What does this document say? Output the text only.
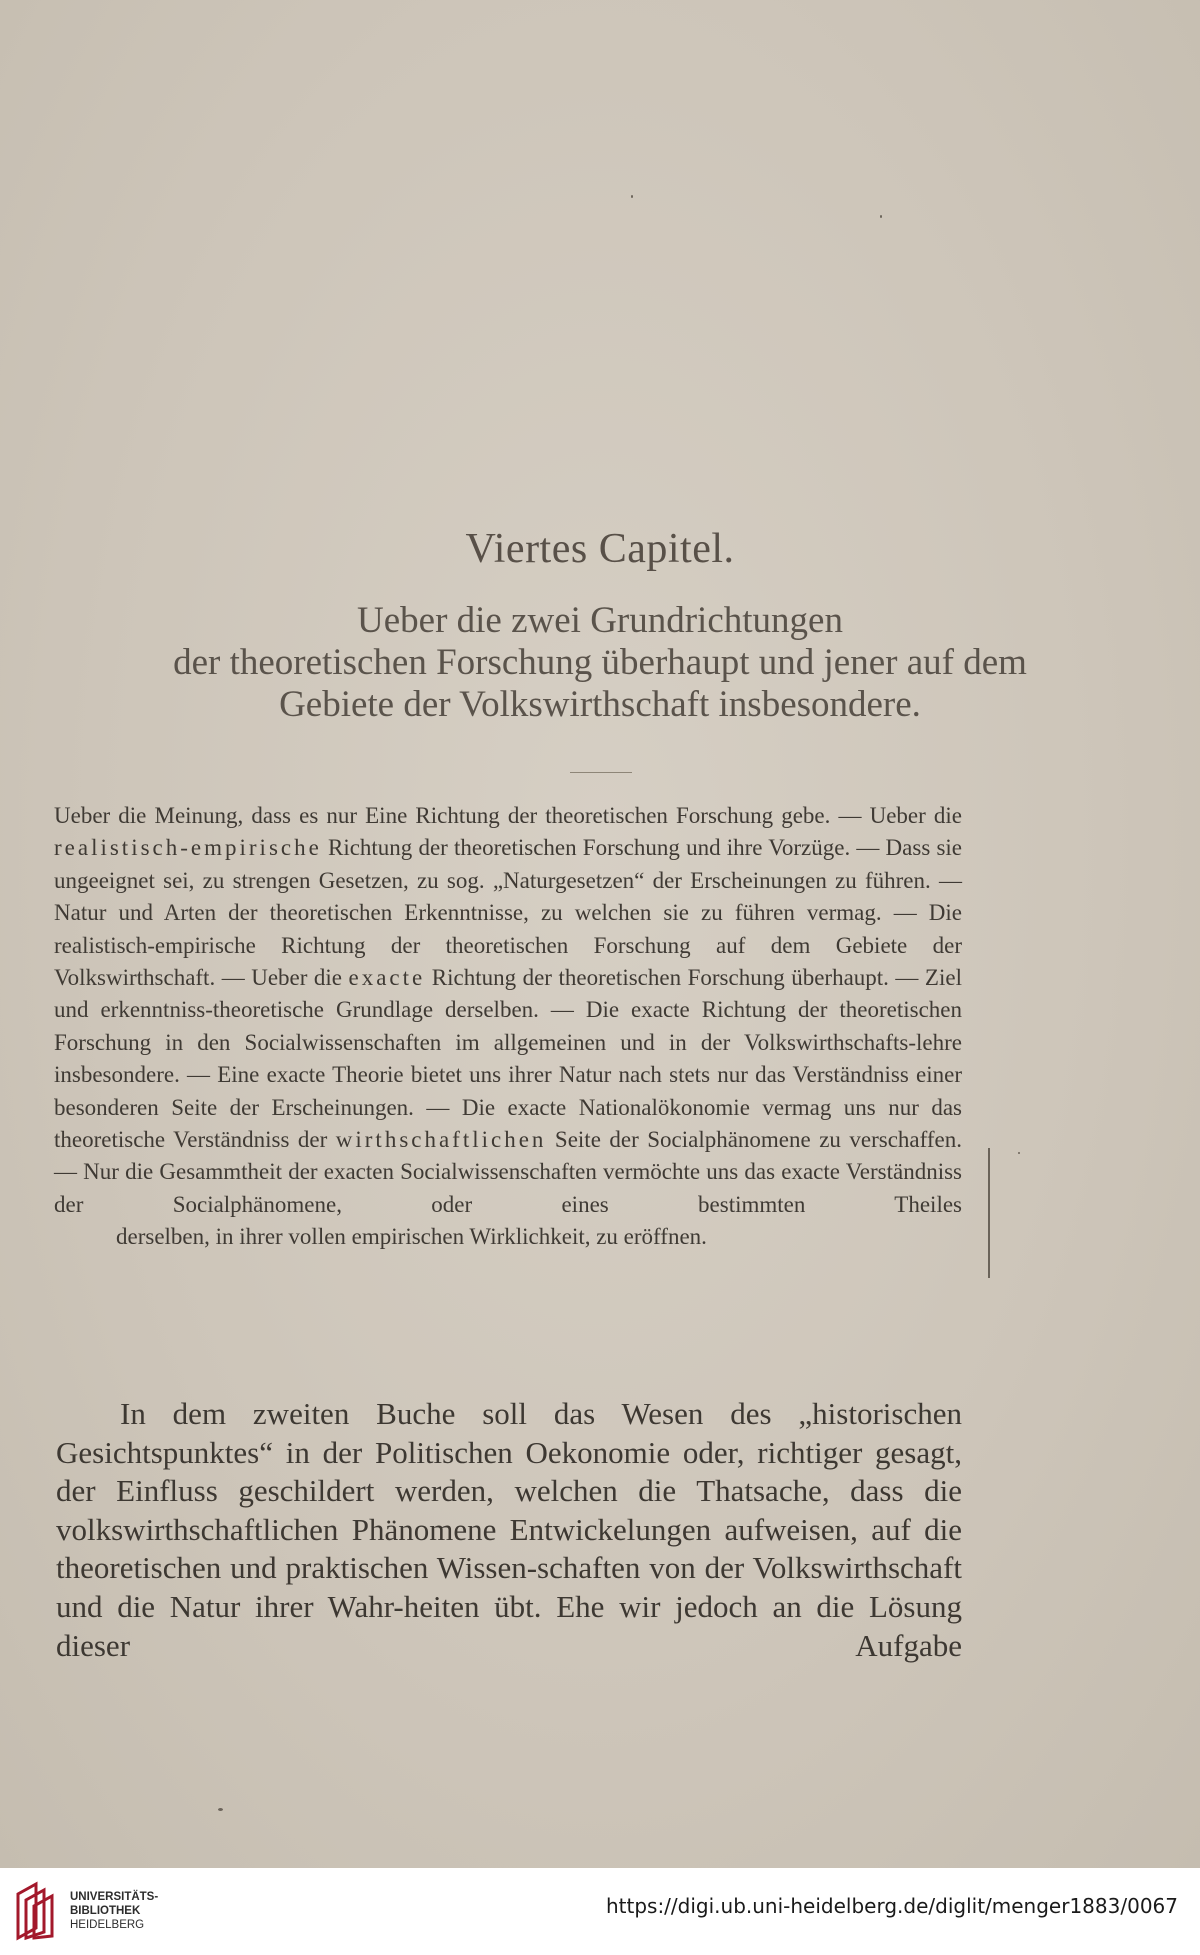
Viertes Capitel.
Ueber die zwei Grundrichtungen
der theoretischen Forschung überhaupt und jener auf dem
Gebiete der Volkswirthschaft insbesondere.
Ueber die Meinung, dass es nur Eine Richtung der theoretischen Forschung gebe. — Ueber die realistisch-empirische Richtung der theoretischen Forschung und ihre Vorzüge. — Dass sie ungeeignet sei, zu strengen Gesetzen, zu sog. „Naturgesetzen“ der Erscheinungen zu führen. — Natur und Arten der theoretischen Erkenntnisse, zu welchen sie zu führen vermag. — Die realistisch-empirische Richtung der theoretischen Forschung auf dem Gebiete der Volkswirthschaft. — Ueber die exacte Richtung der theoretischen Forschung überhaupt. — Ziel und erkenntniss-theoretische Grundlage derselben. — Die exacte Richtung der theoretischen Forschung in den Socialwissenschaften im allgemeinen und in der Volkswirthschafts-lehre insbesondere. — Eine exacte Theorie bietet uns ihrer Natur nach stets nur das Verständniss einer besonderen Seite der Erscheinungen. — Die exacte Nationalökonomie vermag uns nur das theoretische Verständniss der wirthschaftlichen Seite der Socialphänomene zu verschaffen. — Nur die Gesammtheit der exacten Socialwissenschaften vermöchte uns das exacte Verständniss der Socialphänomene, oder eines bestimmten Theiles
derselben, in ihrer vollen empirischen Wirklichkeit, zu eröffnen.
In dem zweiten Buche soll das Wesen des „historischen Gesichtspunktes“ in der Politischen Oekonomie oder, richtiger gesagt, der Einfluss geschildert werden, welchen die Thatsache, dass die volkswirthschaftlichen Phänomene Entwickelungen aufweisen, auf die theoretischen und praktischen Wissen-schaften von der Volkswirthschaft und die Natur ihrer Wahr-heiten übt. Ehe wir jedoch an die Lösung dieser Aufgabe
UNIVERSITÄTS-
BIBLIOTHEK
HEIDELBERG
https://digi.ub.uni-heidelberg.de/diglit/menger1883/0067
